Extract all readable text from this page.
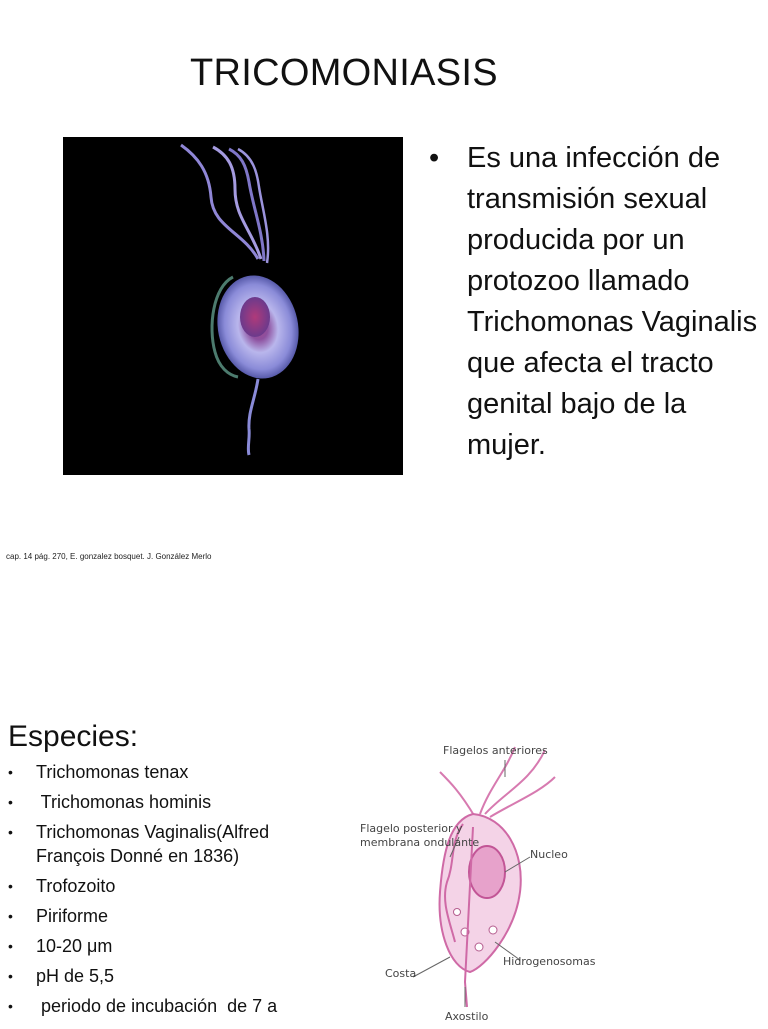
TRICOMONIASIS
• Es una infección de transmisión sexual producida por un protozoo llamado Trichomonas Vaginalis que afecta el tracto genital bajo de la mujer.
cap. 14 pág. 270, E. gonzalez bosquet. J. González Merlo
Especies:
• Trichomonas tenax
• Trichomonas hominis
• Trichomonas Vaginalis(Alfred François Donné en 1836)
• Trofozoito
• Piriforme
• 10-20 μm
• pH de 5,5
• periodo de incubación  de 7 a
Flagelos anteriores
Flagelo posterior y
membrana ondulante
Nucleo
Costa
Hidrogenosomas
Axostilo
